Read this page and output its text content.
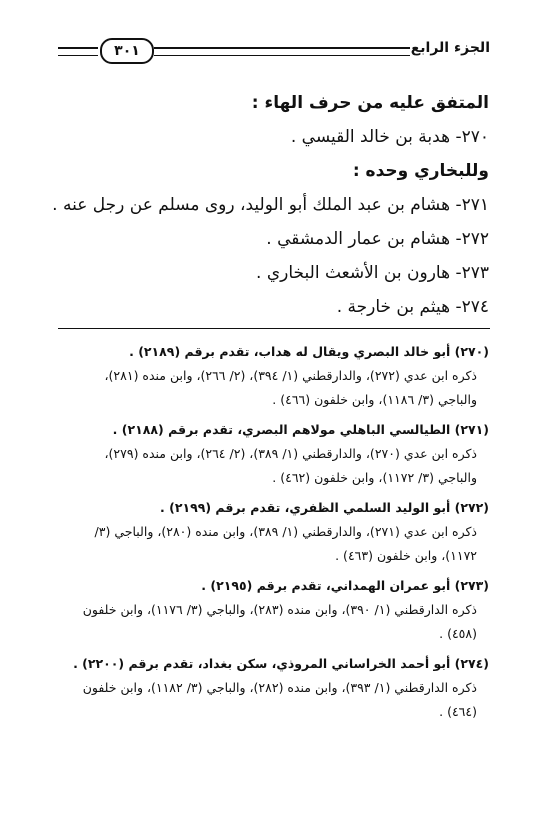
الجزء الرابع
٣٠١
المتفق عليه من حرف الهاء :
٢٧٠- هدبة بن خالد القيسي .
وللبخاري وحده :
٢٧١- هشام بن عبد الملك أبو الوليد، روى مسلم عن رجل عنه .
٢٧٢- هشام بن عمار الدمشقي .
٢٧٣- هارون بن الأشعث البخاري .
٢٧٤- هيثم بن خارجة .
(٢٧٠) أبو خالد البصري ويقال له هداب، تقدم برقم (٢١٨٩) .
ذكره ابن عدي (٢٧٢)، والدارقطني (١/ ٣٩٤)، (٢/ ٢٦٦)، وابن منده (٢٨١)،
والباجي (٣/ ١١٨٦)، وابن خلفون (٤٦٦) .
(٢٧١) الطيالسي الباهلي مولاهم البصري، تقدم برقم (٢١٨٨) .
ذكره ابن عدي (٢٧٠)، والدارقطني (١/ ٣٨٩)، (٢/ ٢٦٤)، وابن منده (٢٧٩)،
والباجي (٣/ ١١٧٢)، وابن خلفون (٤٦٢) .
(٢٧٢) أبو الوليد السلمي الظفري، تقدم برقم (٢١٩٩) .
ذكره ابن عدي (٢٧١)، والدارقطني (١/ ٣٨٩)، وابن منده (٢٨٠)، والباجي (٣/
١١٧٢)، وابن خلفون (٤٦٣) .
(٢٧٣) أبو عمران الهمداني، تقدم برقم (٢١٩٥) .
ذكره الدارقطني (١/ ٣٩٠)، وابن منده (٢٨٣)، والباجي (٣/ ١١٧٦)، وابن خلفون
(٤٥٨) .
(٢٧٤) أبو أحمد الخراساني المروذي، سكن بغداد، تقدم برقم (٢٢٠٠) .
ذكره الدارقطني (١/ ٣٩٣)، وابن منده (٢٨٢)، والباجي (٣/ ١١٨٢)، وابن خلفون
(٤٦٤) .
